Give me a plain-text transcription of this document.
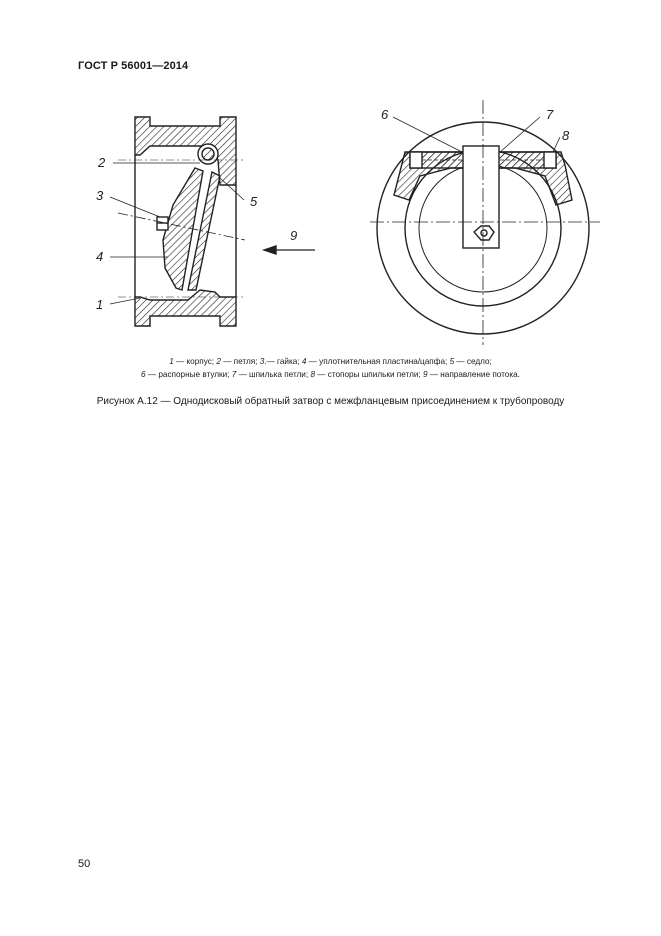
ГОСТ Р 56001—2014
2
3
4
1
5
9
6	7
8
1 — корпус; 2 — петля; 3.— гайка; 4 — уплотнительная пластина/цапфа; 5 — седло;
6 — распорные втулки; 7 — шпилька петли; 8 — стопоры шпильки петли; 9 — направление потока.
Рисунок А.12 — Однодисковый обратный затвор с межфланцевым присоединением к трубопроводу
50
